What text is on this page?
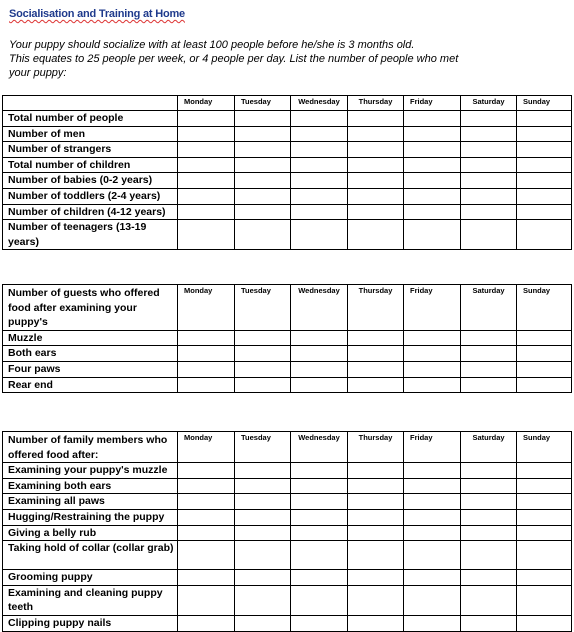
Socialisation and Training at Home
Your puppy should socialize with at least 100 people before he/she is 3 months old.
This equates to 25 people per week, or 4 people per day. List the number of people who met
your puppy:
	Monday	Tuesday	Wednesday	Thursday	Friday	Saturday	Sunday
Total number of people							
Number of men							
Number of strangers							
Total number of children							
Number of babies (0-2 years)							
Number of toddlers (2-4 years)							
Number of children (4-12 years)							
Number of teenagers (13-19 years)							
Number of guests who offered food after examining your puppy's	Monday	Tuesday	Wednesday	Thursday	Friday	Saturday	Sunday
Muzzle							
Both ears							
Four paws							
Rear end							
Number of family members who offered food after:	Monday	Tuesday	Wednesday	Thursday	Friday	Saturday	Sunday
Examining your puppy's muzzle							
Examining both ears							
Examining all paws							
Hugging/Restraining the puppy							
Giving a belly rub							
Taking hold of collar (collar grab)							
Grooming puppy							
Examining and cleaning puppy teeth							
Clipping puppy nails							
